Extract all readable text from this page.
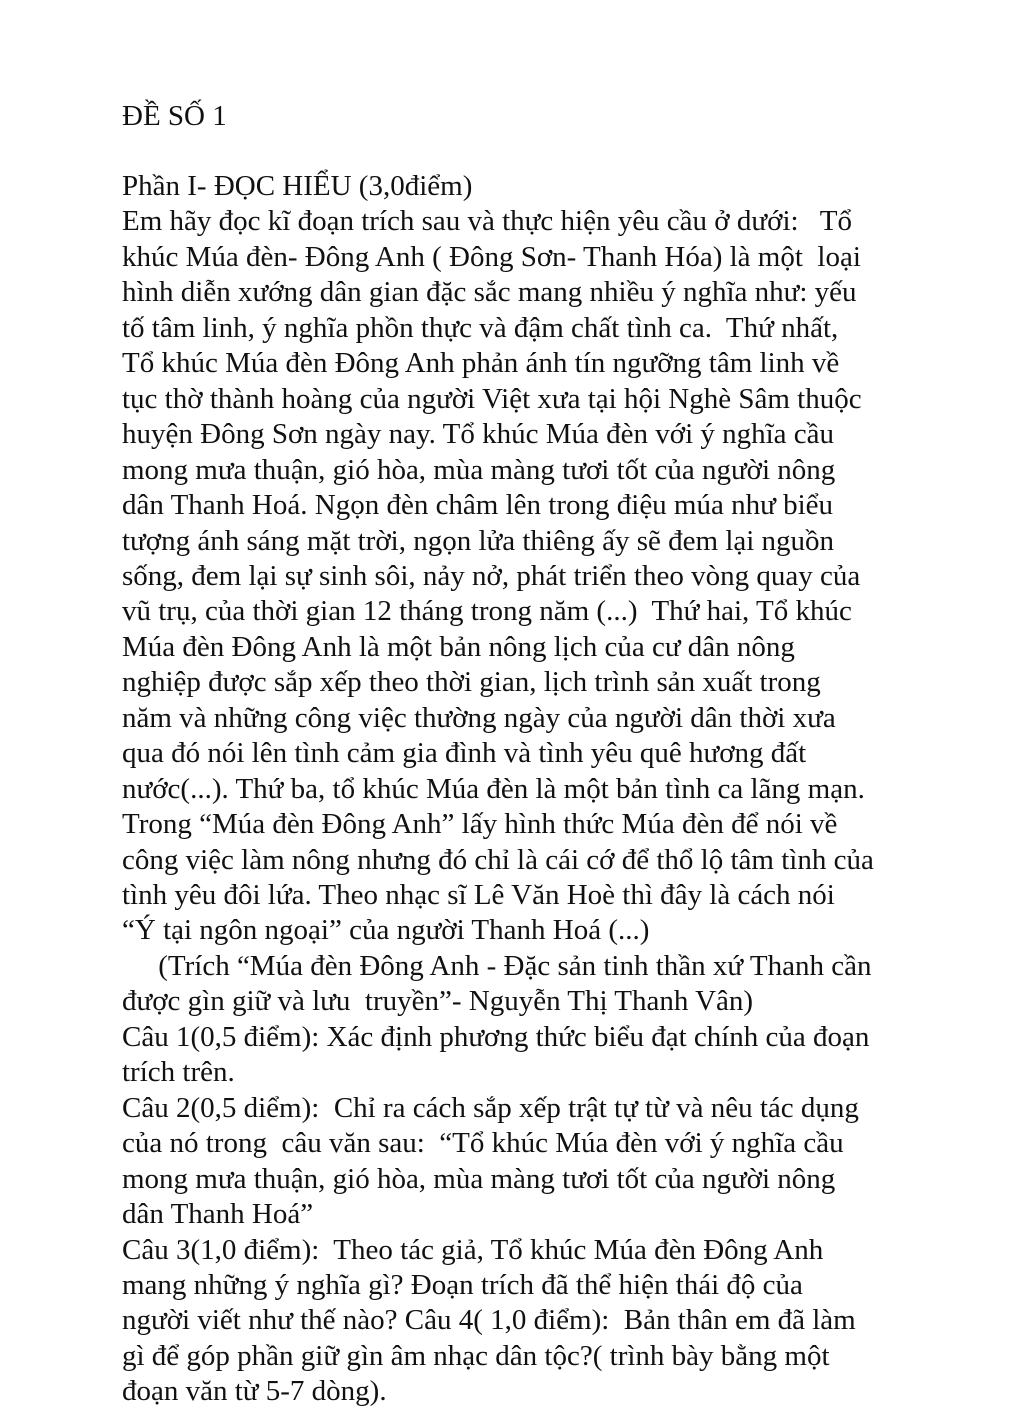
ĐỀ SỐ 1
Phần I- ĐỌC HIỂU (3,0điểm)
Em hãy đọc kĩ đoạn trích sau và thực hiện yêu cầu ở dưới:   Tổ
khúc Múa đèn- Đông Anh ( Đông Sơn- Thanh Hóa) là một  loại
hình diễn xướng dân gian đặc sắc mang nhiều ý nghĩa như: yếu
tố tâm linh, ý nghĩa phồn thực và đậm chất tình ca.  Thứ nhất,
Tổ khúc Múa đèn Đông Anh phản ánh tín ngưỡng tâm linh về
tục thờ thành hoàng của người Việt xưa tại hội Nghè Sâm thuộc
huyện Đông Sơn ngày nay. Tổ khúc Múa đèn với ý nghĩa cầu
mong mưa thuận, gió hòa, mùa màng tươi tốt của người nông
dân Thanh Hoá. Ngọn đèn châm lên trong điệu múa như biểu
tượng ánh sáng mặt trời, ngọn lửa thiêng ấy sẽ đem lại nguồn
sống, đem lại sự sinh sôi, nảy nở, phát triển theo vòng quay của
vũ trụ, của thời gian 12 tháng trong năm (...)  Thứ hai, Tổ khúc
Múa đèn Đông Anh là một bản nông lịch của cư dân nông
nghiệp được sắp xếp theo thời gian, lịch trình sản xuất trong
năm và những công việc thường ngày của người dân thời xưa
qua đó nói lên tình cảm gia đình và tình yêu quê hương đất
nước(...). Thứ ba, tổ khúc Múa đèn là một bản tình ca lãng mạn.
Trong “Múa đèn Đông Anh” lấy hình thức Múa đèn để nói về
công việc làm nông nhưng đó chỉ là cái cớ để thổ lộ tâm tình của
tình yêu đôi lứa. Theo nhạc sĩ Lê Văn Hoè thì đây là cách nói
“Ý tại ngôn ngoại” của người Thanh Hoá (...)
(Trích “Múa đèn Đông Anh - Đặc sản tinh thần xứ Thanh cần
được gìn giữ và lưu  truyền”- Nguyễn Thị Thanh Vân)
Câu 1(0,5 điểm): Xác định phương thức biểu đạt chính của đoạn
trích trên.
Câu 2(0,5 diểm):  Chỉ ra cách sắp xếp trật tự từ và nêu tác dụng
của nó trong  câu văn sau:  “Tổ khúc Múa đèn với ý nghĩa cầu
mong mưa thuận, gió hòa, mùa màng tươi tốt của người nông
dân Thanh Hoá”
Câu 3(1,0 điểm):  Theo tác giả, Tổ khúc Múa đèn Đông Anh
mang những ý nghĩa gì? Đoạn trích đã thể hiện thái độ của
người viết như thế nào? Câu 4( 1,0 điểm):  Bản thân em đã làm
gì để góp phần giữ gìn âm nhạc dân tộc?( trình bày bằng một
đoạn văn từ 5-7 dòng).
